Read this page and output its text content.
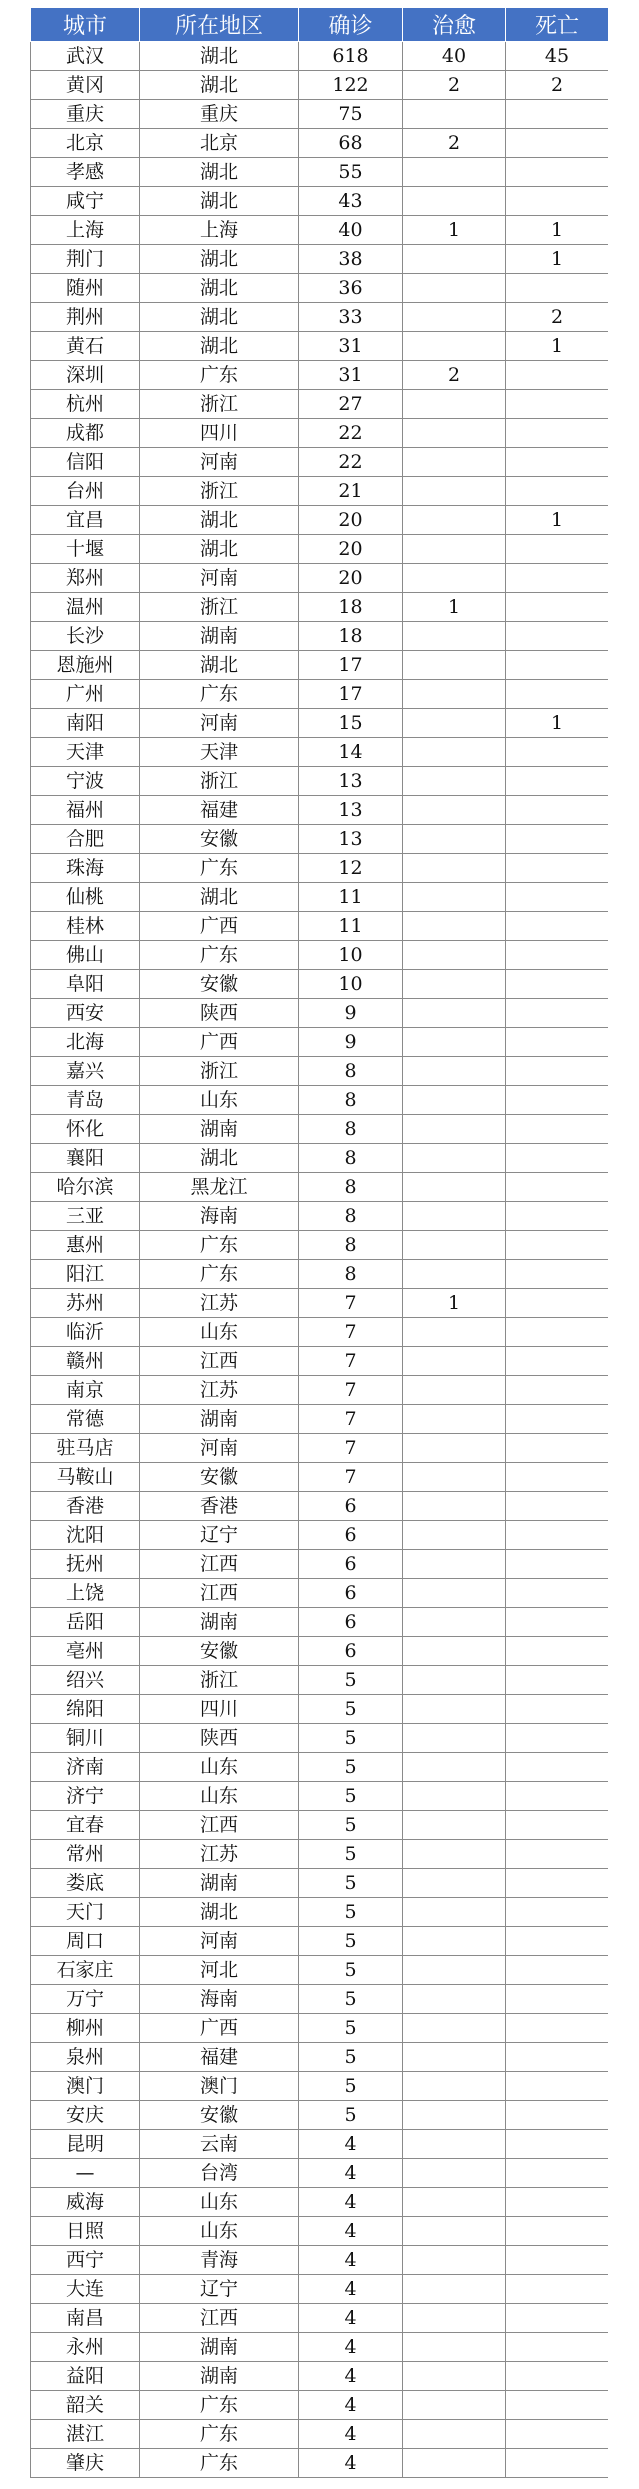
城市	所在地区	确诊	治愈	死亡
武汉	湖北	618	40	45
黄冈	湖北	122	2	2
重庆	重庆	75		
北京	北京	68	2	
孝感	湖北	55		
咸宁	湖北	43		
上海	上海	40	1	1
荆门	湖北	38		1
随州	湖北	36		
荆州	湖北	33		2
黄石	湖北	31		1
深圳	广东	31	2	
杭州	浙江	27		
成都	四川	22		
信阳	河南	22		
台州	浙江	21		
宜昌	湖北	20		1
十堰	湖北	20		
郑州	河南	20		
温州	浙江	18	1	
长沙	湖南	18		
恩施州	湖北	17		
广州	广东	17		
南阳	河南	15		1
天津	天津	14		
宁波	浙江	13		
福州	福建	13		
合肥	安徽	13		
珠海	广东	12		
仙桃	湖北	11		
桂林	广西	11		
佛山	广东	10		
阜阳	安徽	10		
西安	陕西	9		
北海	广西	9		
嘉兴	浙江	8		
青岛	山东	8		
怀化	湖南	8		
襄阳	湖北	8		
哈尔滨	黑龙江	8		
三亚	海南	8		
惠州	广东	8		
阳江	广东	8		
苏州	江苏	7	1	
临沂	山东	7		
赣州	江西	7		
南京	江苏	7		
常德	湖南	7		
驻马店	河南	7		
马鞍山	安徽	7		
香港	香港	6		
沈阳	辽宁	6		
抚州	江西	6		
上饶	江西	6		
岳阳	湖南	6		
亳州	安徽	6		
绍兴	浙江	5		
绵阳	四川	5		
铜川	陕西	5		
济南	山东	5		
济宁	山东	5		
宜春	江西	5		
常州	江苏	5		
娄底	湖南	5		
天门	湖北	5		
周口	河南	5		
石家庄	河北	5		
万宁	海南	5		
柳州	广西	5		
泉州	福建	5		
澳门	澳门	5		
安庆	安徽	5		
昆明	云南	4		
—	台湾	4		
威海	山东	4		
日照	山东	4		
西宁	青海	4		
大连	辽宁	4		
南昌	江西	4		
永州	湖南	4		
益阳	湖南	4		
韶关	广东	4		
湛江	广东	4		
肇庆	广东	4		
